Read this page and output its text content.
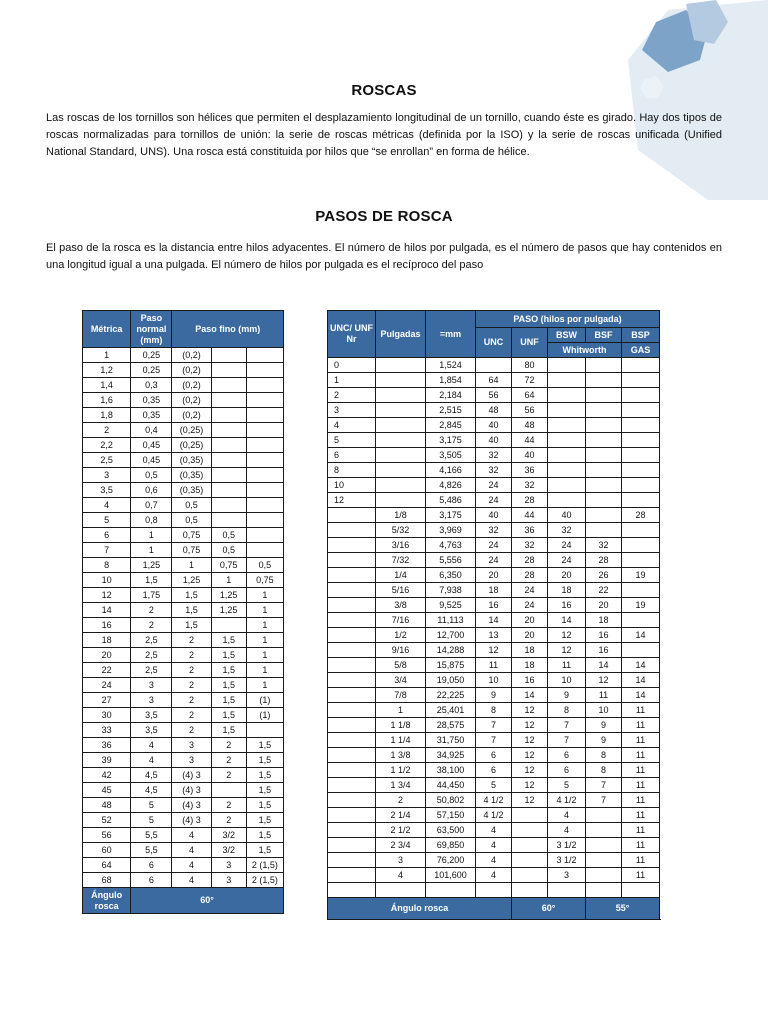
ROSCAS

Las roscas de los tornillos son hélices que permiten el desplazamiento longitudinal de un tornillo, cuando éste es girado. Hay dos tipos de roscas normalizadas para tornillos de unión: la serie de roscas métricas (definida por la ISO) y la serie de roscas unificada (Unified National Standard, UNS). Una rosca está constituida por hilos que “se enrollan” en forma de hélice.

PASOS DE ROSCA

El paso de la rosca es la distancia entre hilos adyacentes. El número de hilos por pulgada, es el número de pasos que hay contenidos en una longitud igual a una pulgada. El número de hilos por pulgada es el recíproco del paso

Métrica	Paso normal (mm)	Paso fino (mm)		
1	0,25	(0,2)		
1,2	0,25	(0,2)		
1,4	0,3	(0,2)		
1,6	0,35	(0,2)		
1,8	0,35	(0,2)		
2	0,4	(0,25)		
2,2	0,45	(0,25)		
2,5	0,45	(0,35)		
3	0,5	(0,35)		
3,5	0,6	(0,35)		
4	0,7	0,5		
5	0,8	0,5		
6	1	0,75	0,5	
7	1	0,75	0,5	
8	1,25	1	0,75	0,5
10	1,5	1,25	1	0,75
12	1,75	1,5	1,25	1
14	2	1,5	1,25	1
16	2	1,5		1
18	2,5	2	1,5	1
20	2,5	2	1,5	1
22	2,5	2	1,5	1
24	3	2	1,5	1
27	3	2	1,5	(1)
30	3,5	2	1,5	(1)
33	3,5	2	1,5	
36	4	3	2	1,5
39	4	3	2	1,5
42	4,5	(4) 3	2	1,5
45	4,5	(4) 3		1,5
48	5	(4) 3	2	1,5
52	5	(4) 3	2	1,5
56	5,5	4	3/2	1,5
60	5,5	4	3/2	1,5
64	6	4	3	2 (1,5)
68	6	4	3	2 (1,5)
Ángulo rosca	60°			
UNC/ UNF Nr	Pulgadas	=mm	PASO (hilos por pulgada)				
			UNC	UNF	BSW	BSF	BSP
					Whitworth		GAS
0		1,524		80			
1		1,854	64	72			
2		2,184	56	64			
3		2,515	48	56			
4		2,845	40	48			
5		3,175	40	44			
6		3,505	32	40			
8		4,166	32	36			
10		4,826	24	32			
12		5,486	24	28			
	1/8	3,175	40	44	40		28
	5/32	3,969	32	36	32		
	3/16	4,763	24	32	24	32	
	7/32	5,556	24	28	24	28	
	1/4	6,350	20	28	20	26	19
	5/16	7,938	18	24	18	22	
	3/8	9,525	16	24	16	20	19
	7/16	11,113	14	20	14	18	
	1/2	12,700	13	20	12	16	14
	9/16	14,288	12	18	12	16	
	5/8	15,875	11	18	11	14	14
	3/4	19,050	10	16	10	12	14
	7/8	22,225	9	14	9	11	14
	1	25,401	8	12	8	10	11
	1 1/8	28,575	7	12	7	9	11
	1 1/4	31,750	7	12	7	9	11
	1 3/8	34,925	6	12	6	8	11
	1 1/2	38,100	6	12	6	8	11
	1 3/4	44,450	5	12	5	7	11
	2	50,802	4 1/2	12	4 1/2	7	11
	2 1/4	57,150	4 1/2		4		11
	2 1/2	63,500	4		4		11
	2 3/4	69,850	4		3 1/2		11
	3	76,200	4		3 1/2		11
	4	101,600	4		3		11

Ángulo rosca				60°		55°	
